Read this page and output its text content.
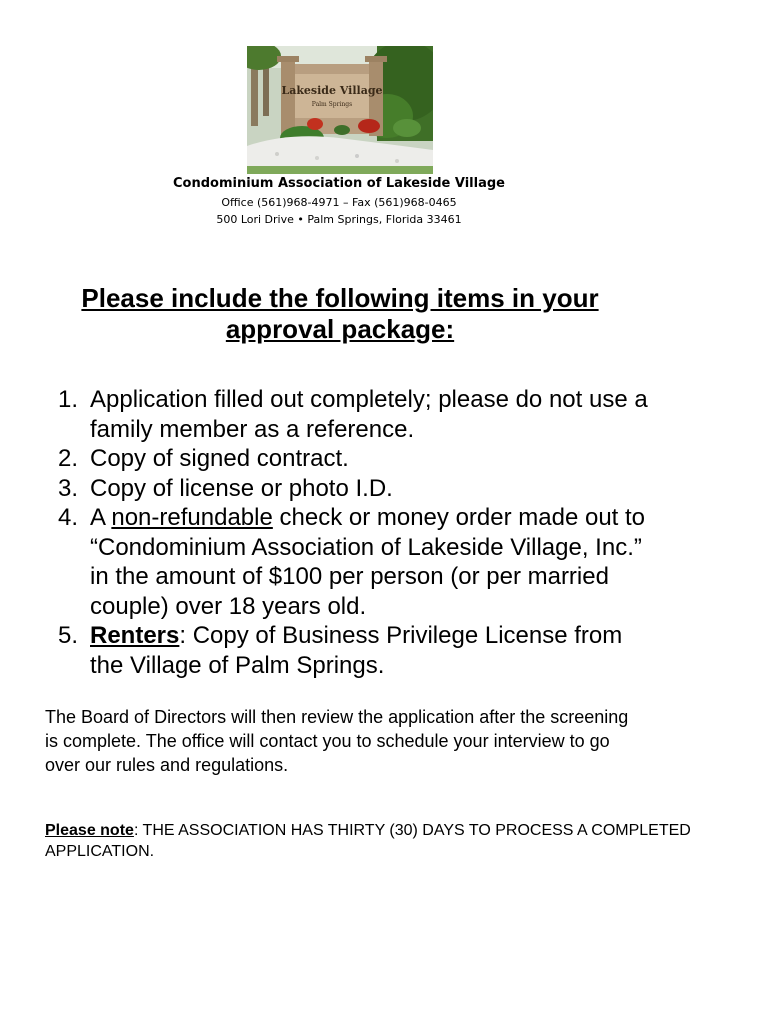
Lakeside Village
Palm Springs
Condominium Association of Lakeside Village
Office (561)968-4971 – Fax (561)968-0465
500 Lori Drive • Palm Springs, Florida 33461
Please include the following items in your approval package:
1. Application filled out completely; please do not use a family member as a reference.
2. Copy of signed contract.
3. Copy of license or photo I.D.
4. A non-refundable check or money order made out to “Condominium Association of Lakeside Village, Inc.” in the amount of $100 per person (or per married couple) over 18 years old.
5. Renters: Copy of Business Privilege License from the Village of Palm Springs.
The Board of Directors will then review the application after the screening is complete. The office will contact you to schedule your interview to go over our rules and regulations.
Please note: THE ASSOCIATION HAS THIRTY (30) DAYS TO PROCESS A COMPLETED APPLICATION.
